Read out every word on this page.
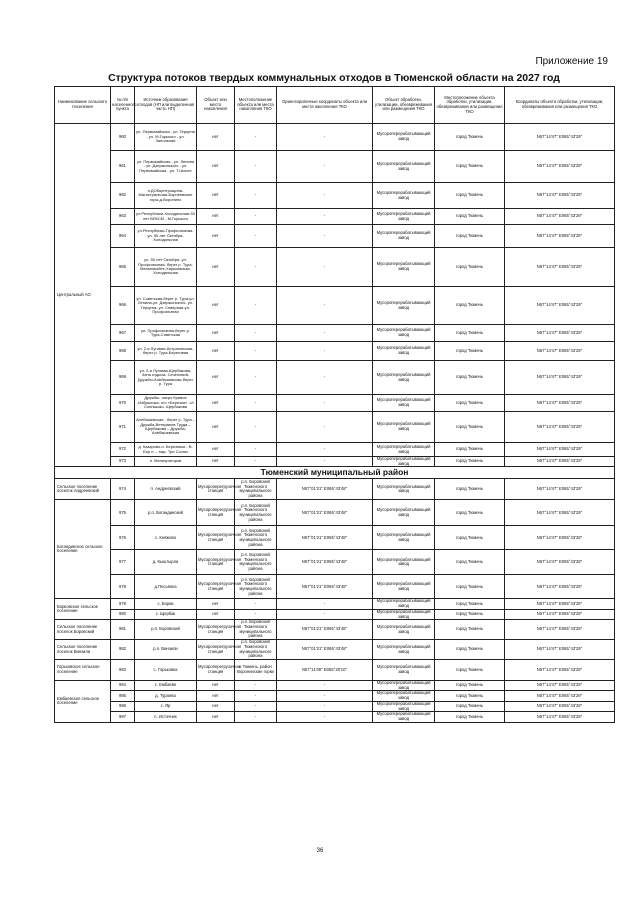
Приложение 19
Структура потоков твердых коммунальных отходов в Тюменской области на 2027 год
Наименование сельского поселения	№ п/п населенного пункта	Источник образования отходов (НП или выделенная часть НП)	Объект или место накопления	Местоположение объекта или места накопления ТКО	Ориентировочные координаты объекта или места накопления ТКО	Объект обработки, утилизации, обезвреживания или размещения ТКО	Местоположение объекта обработки, утилизации, обезвреживания или размещения ТКО	Координаты объекта обработки, утилизации, обезвреживания или размещения ТКО
Центральный АО	960	ул. Первомайская - ул. Герцена - ул. М.Горького - ул. Запольная	нет	-	-	Мусороперерабатывающий завод	город Тюмень	N57°14'47'' E065°43'29''
	961	ул. Первомайская - ул. Ленина - ул. Дзержинского - ул. Первомайская - ул. Т.Шосее	нет	-	-	Мусороперерабатывающий завод	город Тюмень	N57°14'47'' E065°43'29''
	962	п.ДОКцентрощина-Магистральная-Борнеевские горы-д.Воронино	нет	-	-	Мусороперерабатывающий завод	город Тюмень	N57°14'47'' E065°43'29''
	963	ул.Республики-Холодильная-50 лет ВЛКСМ - М.Горького	нет	-	-	Мусороперерабатывающий завод	город Тюмень	N57°14'47'' E065°43'29''
	964	ул.Республики-Профсоюзная- ул. 50 лет Октября-Холодильная	нет	-	-	Мусороперерабатывающий завод	город Тюмень	N57°14'47'' E065°43'29''
	965	ул. 50 лет Октября- ул. Профсоюзная- берег р. Тура-Мельникайте-Харьковская-Холодильная	нет	-	-	Мусороперерабатывающий завод	город Тюмень	N57°14'47'' E065°43'29''
	966	ул. Советская-берег р. Тура-ул. Ленина-ул. Дзержинского- ул. Герцена- ул. Северная-ул. Профсоюзная	нет	-	-	Мусороперерабатывающий завод	город Тюмень	N57°14'47'' E065°43'29''
	967	ул. Профсоюзная-берег р. Тура-Советская	нет	-	-	Мусороперерабатывающий завод	город Тюмень	N57°14'47'' E065°43'29''
	968	ул. 2-я Луговая-Астраханская-берег р. Тура-Береговая	нет	-	-	Мусороперерабатывающий завод	город Тюмень	N57°14'47'' E065°43'29''
	969	ул. 2-я Луговая-Щербакова- Зона отдыха- Сеченовой-Дружбы-Алебашевская-берег р. Тура	нет	-	-	Мусороперерабатывающий завод	город Тюмень	N57°14'47'' E065°43'29''
	970	Дружбы- озеро Кривое -Избушечка- п/о «Березка». с/г Солнышко- Щербакова	нет	-	-	Мусороперерабатывающий завод	город Тюмень	N57°14'47'' E065°43'29''
	971	Алебашевская - берег р. Тура – Дружба-Ветеранов Труда – Щербакова – Дружба-Алебашевская	нет	-	-	Мусороперерабатывающий завод	город Тюмень	N57°14'47'' E065°43'29''
	972	д. Казарово-п. Березняки - В. Бор п. – мкр. Три Сосны	нет	-	-	Мусороперерабатывающий завод	город Тюмень	N57°14'47'' E065°43'29''
	973	п. Мелиораторов	нет	-	-	Мусороперерабатывающий завод	город Тюмень	N57°14'47'' E065°43'29''
Тюменский муниципальный район								
Сельское поселение поселок Андреевский	974	п. Андреевский	Мусороперегрузочная станция	р.п. Боровский Тюменского муниципального района	N57°01'21'' E065°43'48''	Мусороперерабатывающий завод	город Тюмень	N57°14'47'' E065°43'29''
Богандинское сельское поселение	975	р.п. Богандинский	Мусороперегрузочная станция	р.п. Боровский Тюменского муниципального района	N57°01'21'' E065°43'48''	Мусороперерабатывающий завод	город Тюмень	N57°14'47'' E065°43'29''
	976	с. Княжево	Мусороперегрузочная станция	р.п. Боровский Тюменского муниципального района	N57°01'21'' E065°43'48''	Мусороперерабатывающий завод	город Тюмень	N57°14'47'' E065°43'29''
	977	д. Кыштырла	Мусороперегрузочная станция	р.п. Боровский Тюменского муниципального района	N57°01'21'' E065°43'48''	Мусороперерабатывающий завод	город Тюмень	N57°14'47'' E065°43'29''
	978	д.Песьянка	Мусороперегрузочная станция	р.п. Боровский Тюменского муниципального района	N57°01'21'' E065°43'48''	Мусороперерабатывающий завод	город Тюмень	N57°14'47'' E065°43'29''
Борковское сельское поселение	979	с. Борки	нет	-	-	Мусороперерабатывающий завод	город Тюмень	N57°14'47'' E065°43'29''
	980	с. Щербак	нет	-	-	Мусороперерабатывающий завод	город Тюмень	N57°14'47'' E065°43'29''
Сельское поселение поселок Боровский	981	р.п. Боровский	Мусороперегрузочная станция	р.п. Боровский Тюменского муниципального района	N57°01'21'' E065°43'48''	Мусороперерабатывающий завод	город Тюмень	N57°14'47'' E065°43'29''
Сельское поселение поселок Винзили	982	р.п. Винзили	Мусороперегрузочная станция	р.п. Боровский Тюменского муниципального района	N57°01'21'' E065°43'48''	Мусороперерабатывающий завод	город Тюмень	N57°14'47'' E065°43'29''
Горьковское сельское поселение	983	с. Горьковка	Мусороперегрузочная станция	г. Тюмень, район Воронинские горки	N57°11'08'' E065°28'10''	Мусороперерабатывающий завод	город Тюмень	N57°14'47'' E065°43'29''
Ембаевское сельское поселение	984	с. Ембаево	нет	-	-	Мусороперерабатывающий завод	город Тюмень	N57°14'47'' E065°43'29''
	985	д. Тураева	нет	-	-	Мусороперерабатывающий завод	город Тюмень	N57°14'47'' E065°43'29''
	986	с. Яр	нет	-	-	Мусороперерабатывающий завод	город Тюмень	N57°14'47'' E065°43'29''
	987	п. Источник	нет	-	-	Мусороперерабатывающий завод	город Тюмень	N57°14'47'' E065°43'29''
36
